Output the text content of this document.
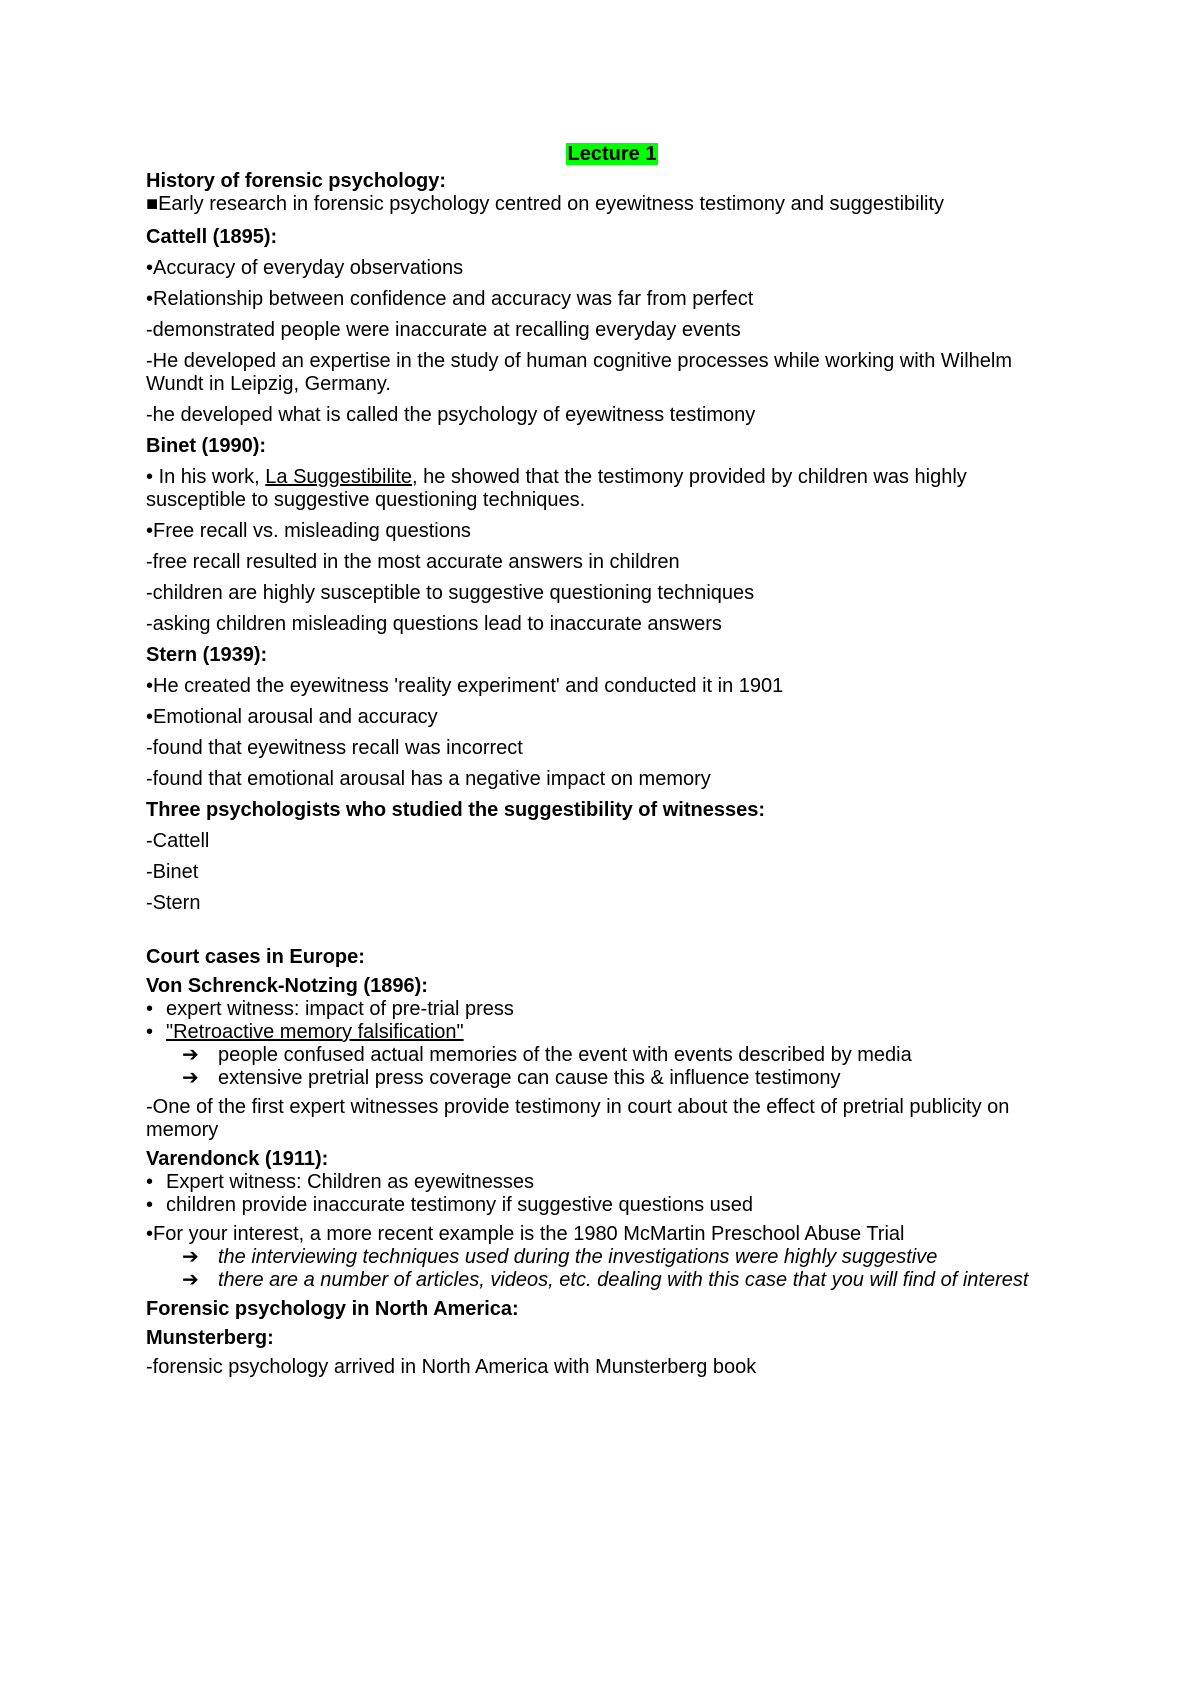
Lecture 1

History of forensic psychology:

■Early research in forensic psychology centred on eyewitness testimony and suggestibility

Cattell (1895):

•Accuracy of everyday observations

•Relationship between confidence and accuracy was far from perfect

-demonstrated people were inaccurate at recalling everyday events

-He developed an expertise in the study of human cognitive processes while working with Wilhelm Wundt in Leipzig, Germany.

-he developed what is called the psychology of eyewitness testimony

Binet (1990):

• In his work, La Suggestibilite, he showed that the testimony provided by children was highly susceptible to suggestive questioning techniques.

•Free recall vs. misleading questions

-free recall resulted in the most accurate answers in children

-children are highly susceptible to suggestive questioning techniques

-asking children misleading questions lead to inaccurate answers

Stern (1939):

•He created the eyewitness 'reality experiment' and conducted it in 1901

•Emotional arousal and accuracy

-found that eyewitness recall was incorrect

-found that emotional arousal has a negative impact on memory

Three psychologists who studied the suggestibility of witnesses:

-Cattell

-Binet

-Stern

Court cases in Europe:

Von Schrenck-Notzing (1896):

• expert witness: impact of pre-trial press
• "Retroactive memory falsification"
➔ people confused actual memories of the event with events described by media
➔ extensive pretrial press coverage can cause this & influence testimony

-One of the first expert witnesses provide testimony in court about the effect of pretrial publicity on memory

Varendonck (1911):

• Expert witness: Children as eyewitnesses
• children provide inaccurate testimony if suggestive questions used

•For your interest, a more recent example is the 1980 McMartin Preschool Abuse Trial

➔ the interviewing techniques used during the investigations were highly suggestive
➔ there are a number of articles, videos, etc. dealing with this case that you will find of interest

Forensic psychology in North America:

Munsterberg:

-forensic psychology arrived in North America with Munsterberg book
